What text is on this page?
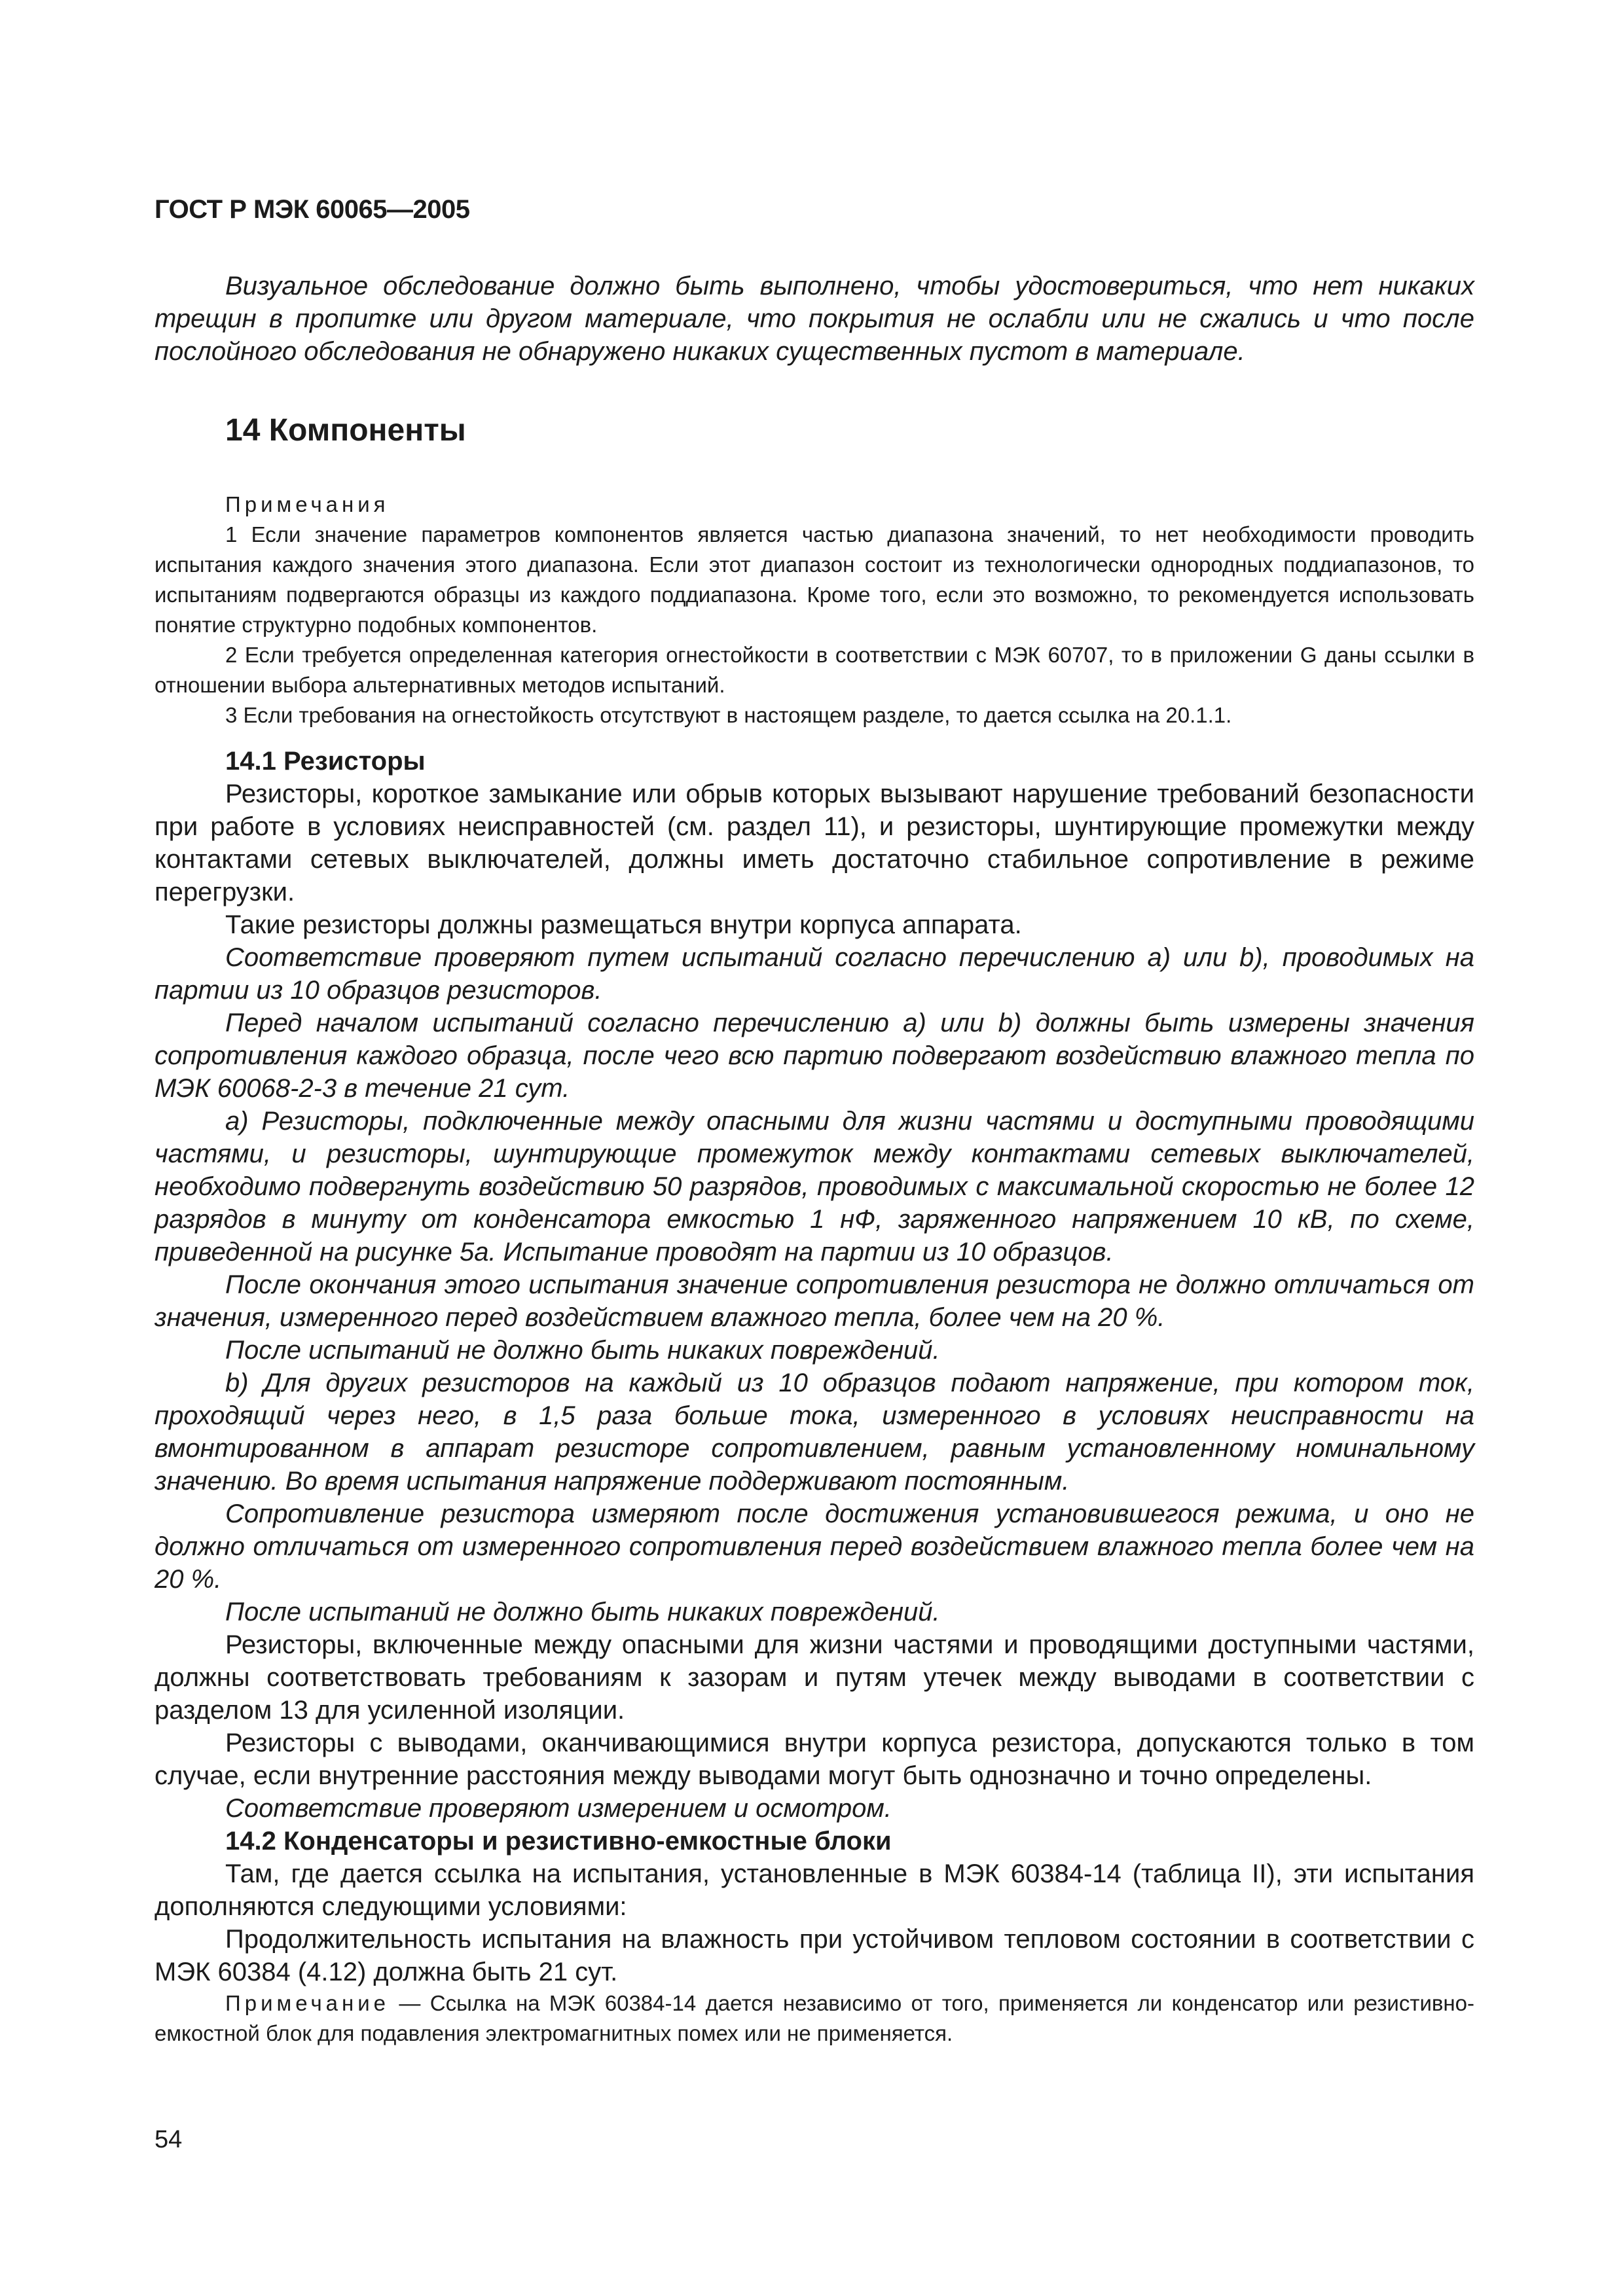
ГОСТ Р МЭК 60065—2005

Визуальное обследование должно быть выполнено, чтобы удостовериться, что нет никаких трещин в пропитке или другом материале, что покрытия не ослабли или не сжались и что после послойного обследования не обнаружено никаких существенных пустот в материале.

14 Компоненты

Примечания

1 Если значение параметров компонентов является частью диапазона значений, то нет необходимости проводить испытания каждого значения этого диапазона. Если этот диапазон состоит из технологически однородных поддиапазонов, то испытаниям подвергаются образцы из каждого поддиапазона. Кроме того, если это возможно, то рекомендуется использовать понятие структурно подобных компонентов.

2 Если требуется определенная категория огнестойкости в соответствии с МЭК 60707, то в приложении G даны ссылки в отношении выбора альтернативных методов испытаний.

3 Если требования на огнестойкость отсутствуют в настоящем разделе, то дается ссылка на 20.1.1.

14.1 Резисторы

Резисторы, короткое замыкание или обрыв которых вызывают нарушение требований безопасности при работе в условиях неисправностей (см. раздел 11), и резисторы, шунтирующие промежутки между контактами сетевых выключателей, должны иметь достаточно стабильное сопротивление в режиме перегрузки.

Такие резисторы должны размещаться внутри корпуса аппарата.

Соответствие проверяют путем испытаний согласно перечислению а) или b), проводимых на партии из 10 образцов резисторов.

Перед началом испытаний согласно перечислению а) или b) должны быть измерены значения сопротивления каждого образца, после чего всю партию подвергают воздействию влажного тепла по МЭК 60068-2-3 в течение 21 сут.

а) Резисторы, подключенные между опасными для жизни частями и доступными проводящими частями, и резисторы, шунтирующие промежуток между контактами сетевых выключателей, необходимо подвергнуть воздействию 50 разрядов, проводимых с максимальной скоростью не более 12 разрядов в минуту от конденсатора емкостью 1 нФ, заряженного напряжением 10 кВ, по схеме, приведенной на рисунке 5а. Испытание проводят на партии из 10 образцов.

После окончания этого испытания значение сопротивления резистора не должно отличаться от значения, измеренного перед воздействием влажного тепла, более чем на 20 %.

После испытаний не должно быть никаких повреждений.

b) Для других резисторов на каждый из 10 образцов подают напряжение, при котором ток, проходящий через него, в 1,5 раза больше тока, измеренного в условиях неисправности на вмонтированном в аппарат резисторе сопротивлением, равным установленному номинальному значению. Во время испытания напряжение поддерживают постоянным.

Сопротивление резистора измеряют после достижения установившегося режима, и оно не должно отличаться от измеренного сопротивления перед воздействием влажного тепла более чем на 20 %.

После испытаний не должно быть никаких повреждений.

Резисторы, включенные между опасными для жизни частями и проводящими доступными частями, должны соответствовать требованиям к зазорам и путям утечек между выводами в соответствии с разделом 13 для усиленной изоляции.

Резисторы с выводами, оканчивающимися внутри корпуса резистора, допускаются только в том случае, если внутренние расстояния между выводами могут быть однозначно и точно определены.

Соответствие проверяют измерением и осмотром.

14.2 Конденсаторы и резистивно-емкостные блоки

Там, где дается ссылка на испытания, установленные в МЭК 60384-14 (таблица II), эти испытания дополняются следующими условиями:

Продолжительность испытания на влажность при устойчивом тепловом состоянии в соответствии с МЭК 60384 (4.12) должна быть 21 сут.

Примечание — Ссылка на МЭК 60384-14 дается независимо от того, применяется ли конденсатор или резистивно-емкостной блок для подавления электромагнитных помех или не применяется.

54
